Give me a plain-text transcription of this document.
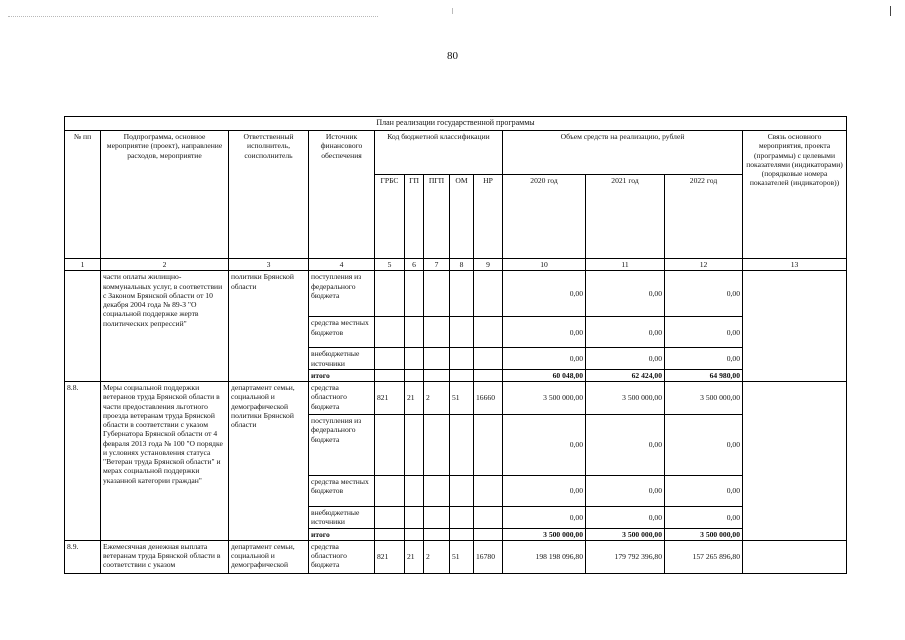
80
План реализации государственной программы												
№ пп	Подпрограмма, основное мероприятие (проект), направление расходов, мероприятие	Ответственный исполнитель, соисполнитель	Источник финансового обеспечения	Код бюджетной классификации					Объем средств на реализацию, рублей			Связь основного мероприятия, проекта (программы) с целевыми показателями (индикаторами) (порядковые номера показателей (индикаторов))
				ГРБС	ГП	ПГП	ОМ	НР	2020 год	2021 год	2022 год	
1	2	3	4	5	6	7	8	9	10	11	12	13
	части оплаты жилищно-коммунальных услуг, в соответствии с Законом Брянской области от 10 декабря 2004 года № 89-З "О социальной поддержке жертв политических репрессий"	политики Брянской области	поступления из федерального бюджета						0,00	0,00	0,00	
			средства местных бюджетов						0,00	0,00	0,00	
			внебюджетные источники						0,00	0,00	0,00	
			итого						60 048,00	62 424,00	64 980,00	
8.8.	Меры социальной поддержки ветеранов труда Брянской области в части предоставления льготного проезда ветеранам труда Брянской области в соответствии с указом Губернатора Брянской области от 4 февраля 2013 года № 100 "О порядке и условиях установления статуса "Ветеран труда Брянской области" и мерах социальной поддержки указанной категории граждан"	департамент семьи, социальной и демографической политики Брянской области	средства областного бюджета	821	21	2	51	16660	3 500 000,00	3 500 000,00	3 500 000,00	
			поступления из федерального бюджета						0,00	0,00	0,00	
			средства местных бюджетов						0,00	0,00	0,00	
			внебюджетные источники						0,00	0,00	0,00	
			итого						3 500 000,00	3 500 000,00	3 500 000,00	
8.9.	Ежемесячная денежная выплата ветеранам труда Брянской области в соответствии с указом	департамент семьи, социальной и демографической	средства областного бюджета	821	21	2	51	16780	198 198 096,80	179 792 396,80	157 265 896,80	
